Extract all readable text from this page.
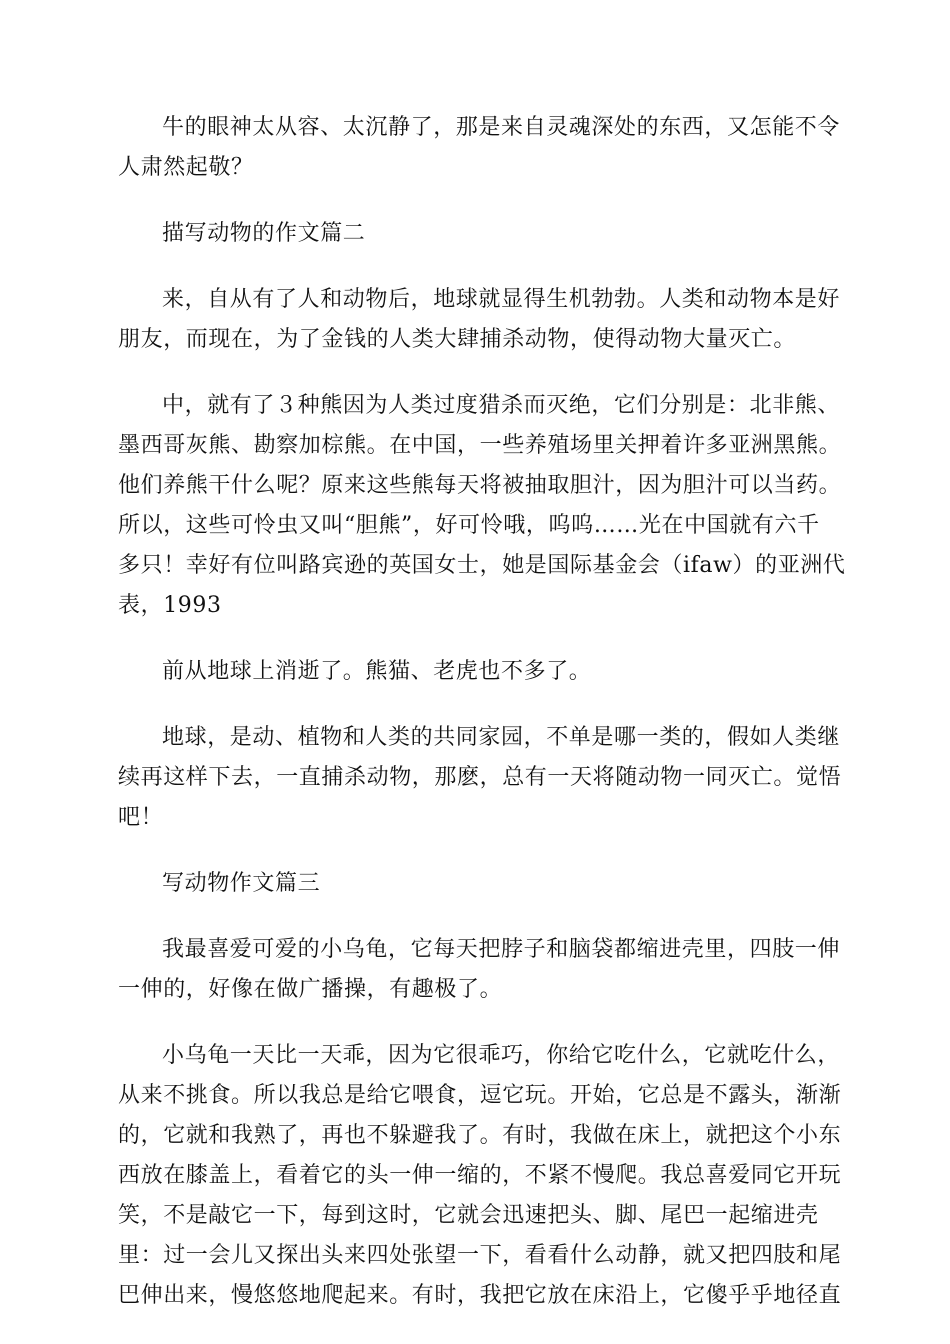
牛的眼神太从容、太沉静了，那是来自灵魂深处的东西，又怎能不令
人肃然起敬？

描写动物的作文篇二

来，自从有了人和动物后，地球就显得生机勃勃。人类和动物本是好
朋友，而现在，为了金钱的人类大肆捕杀动物，使得动物大量灭亡。

中，就有了３种熊因为人类过度猎杀而灭绝，它们分别是：北非熊、
墨西哥灰熊、勘察加棕熊。在中国，一些养殖场里关押着许多亚洲黑熊。
他们养熊干什么呢？原来这些熊每天将被抽取胆汁，因为胆汁可以当药。
所以，这些可怜虫又叫“胆熊”，好可怜哦，呜呜……光在中国就有六千
多只！幸好有位叫路宾逊的英国女士，她是国际基金会（ifaw）的亚洲代
表，1993

前从地球上消逝了。熊猫、老虎也不多了。

地球，是动、植物和人类的共同家园，不单是哪一类的，假如人类继
续再这样下去，一直捕杀动物，那麽，总有一天将随动物一同灭亡。觉悟
吧！

写动物作文篇三

我最喜爱可爱的小乌龟，它每天把脖子和脑袋都缩进壳里，四肢一伸
一伸的，好像在做广播操，有趣极了。

小乌龟一天比一天乖，因为它很乖巧，你给它吃什么，它就吃什么，
从来不挑食。所以我总是给它喂食，逗它玩。开始，它总是不露头，渐渐
的，它就和我熟了，再也不躲避我了。有时，我做在床上，就把这个小东
西放在膝盖上，看着它的头一伸一缩的，不紧不慢爬。我总喜爱同它开玩
笑，不是敲它一下，每到这时，它就会迅速把头、脚、尾巴一起缩进壳
里：过一会儿又探出头来四处张望一下，看看什么动静，就又把四肢和尾
巴伸出来，慢悠悠地爬起来。有时，我把它放在床沿上，它傻乎乎地径直
